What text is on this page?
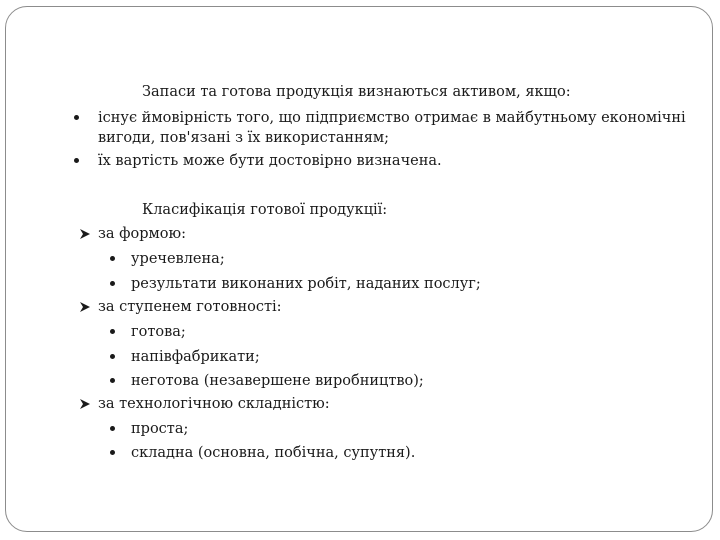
Запаси та готова продукція визнаються активом, якщо:
існує ймовірність того, що підприємство отримає в майбутньому економічні
вигоди, пов'язані з їх використанням;
їх вартість може бути достовірно визначена.
Класифікація готової продукції:
за формою:
уречевлена;
результати виконаних робіт, наданих послуг;
за ступенем готовності:
готова;
напівфабрикати;
неготова (незавершене виробництво);
за технологічною складністю:
проста;
складна (основна, побічна, супутня).
